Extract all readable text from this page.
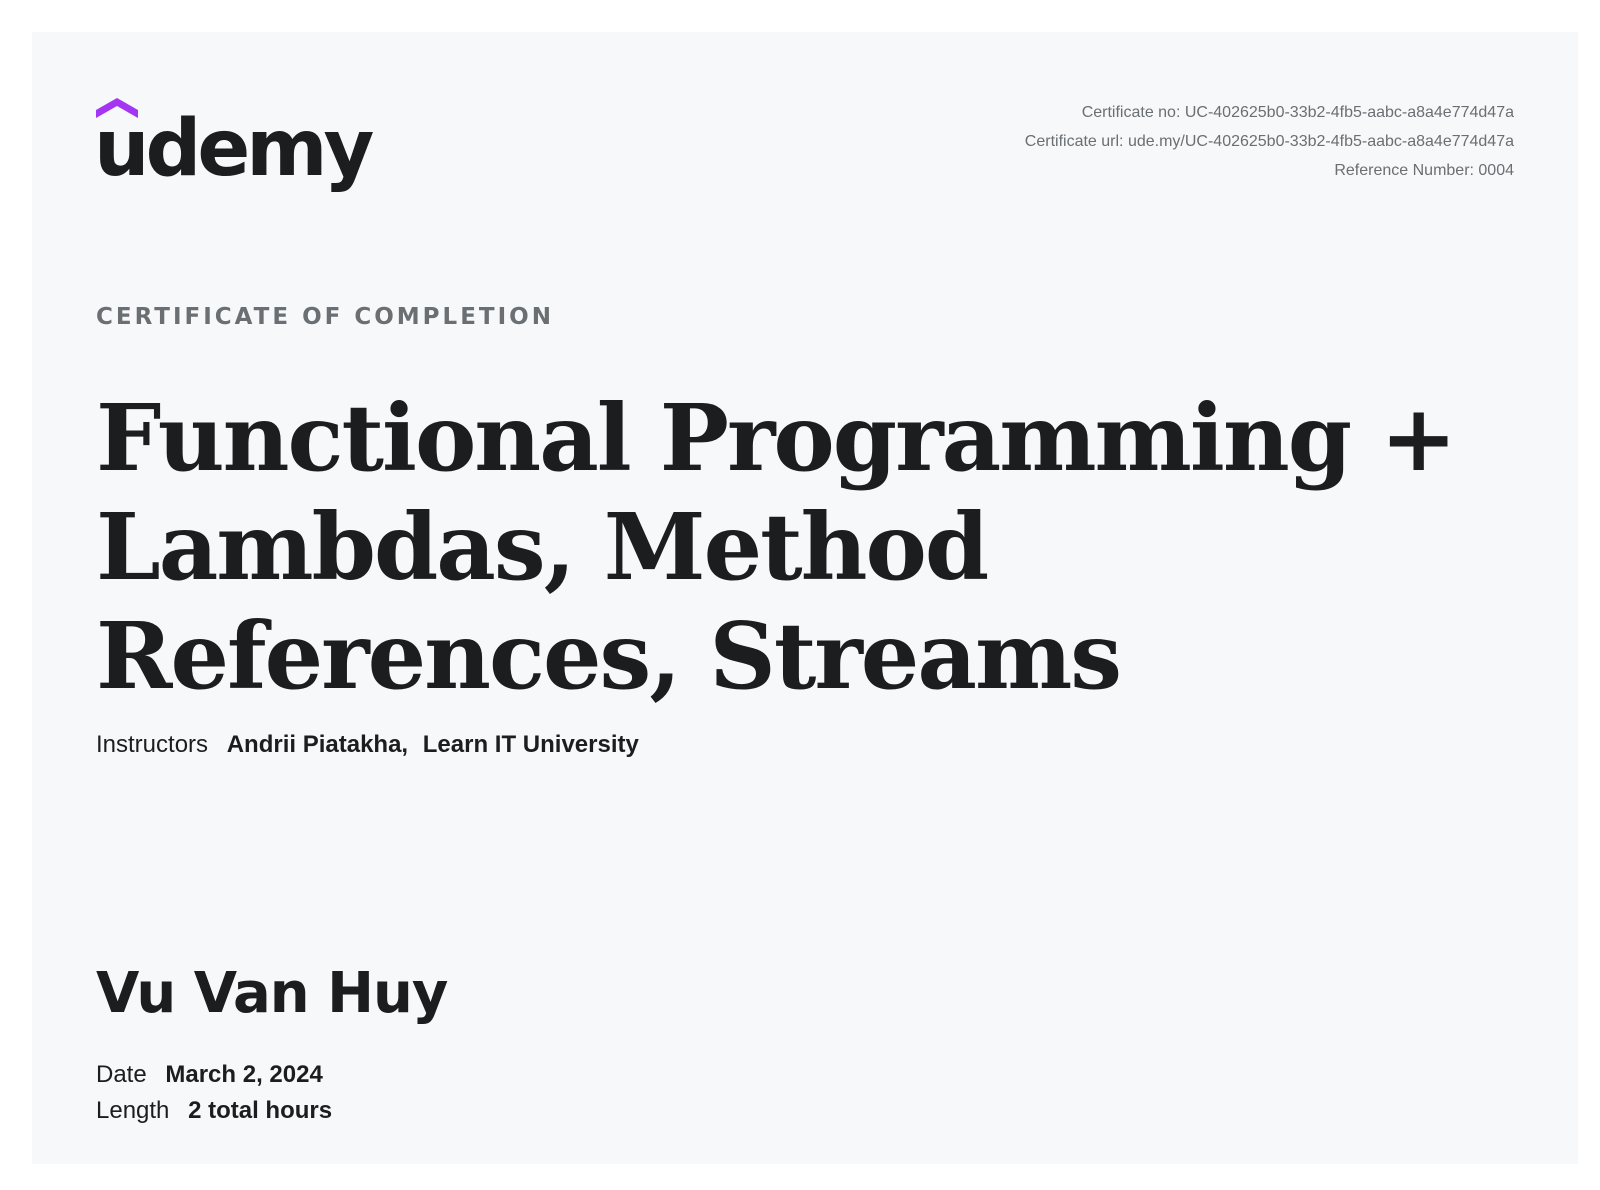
udemy	Certificate no: UC-402625b0-33b2-4fb5-aabc-a8a4e774d47a
Certificate url: ude.my/UC-402625b0-33b2-4fb5-aabc-a8a4e774d47a
Reference Number: 0004
CERTIFICATE OF COMPLETION
Functional Programming + Lambdas, Method References, Streams
Instructors Andrii Piatakha, Learn IT University
Vu Van Huy
Date March 2, 2024
Length 2 total hours
